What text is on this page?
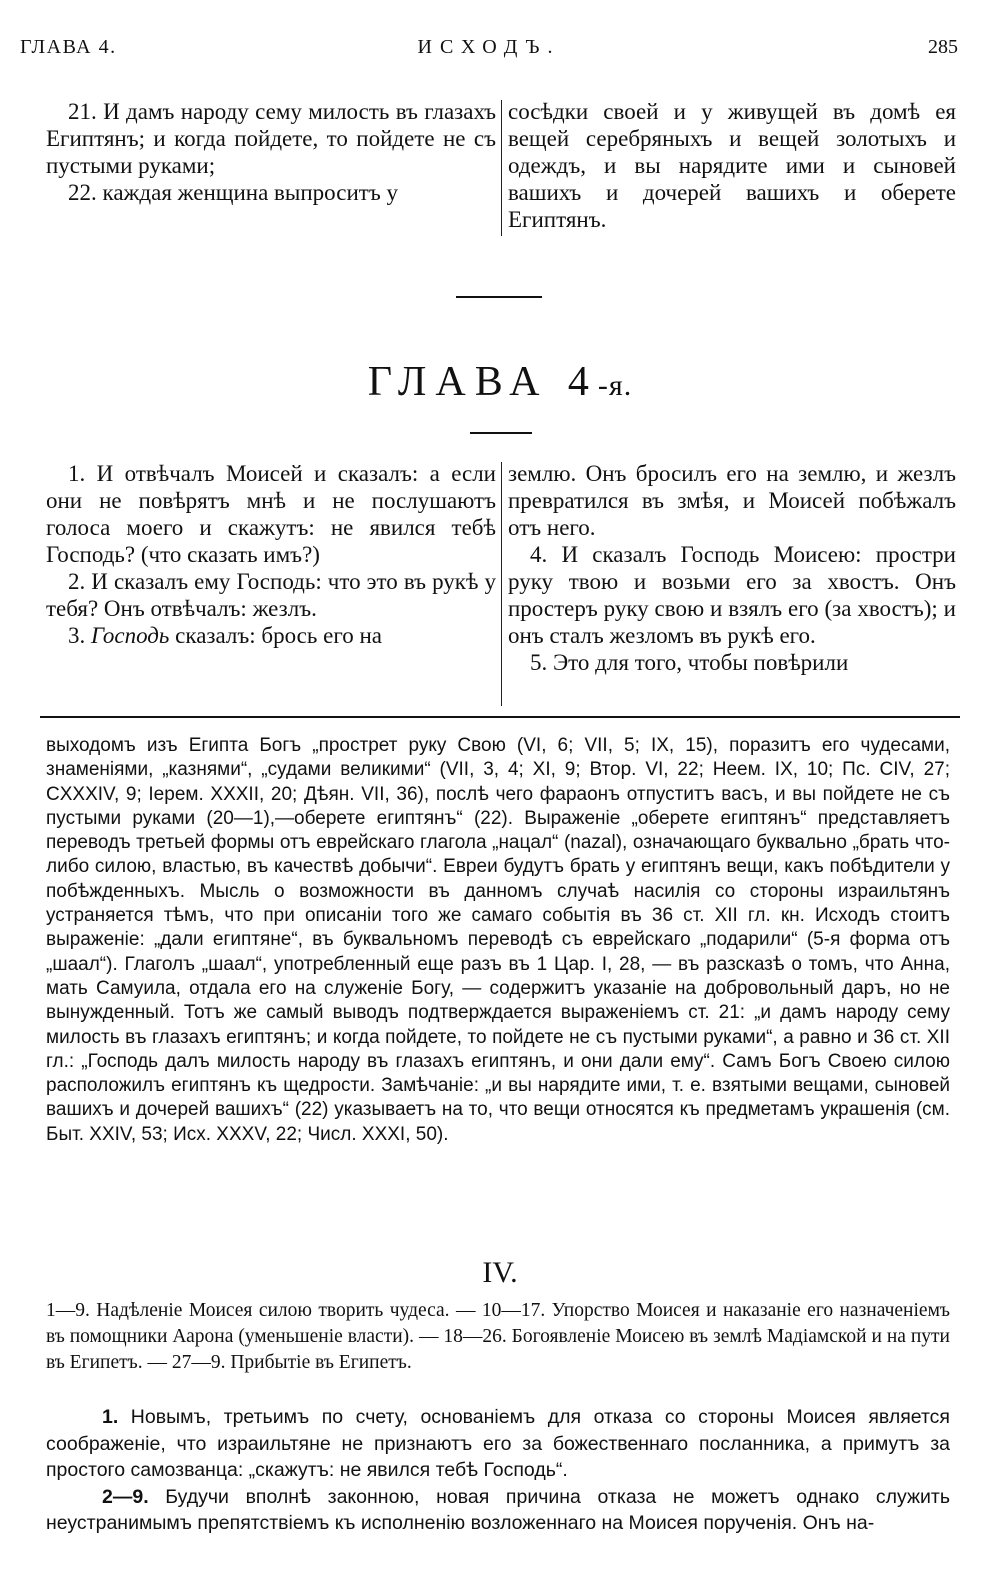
ГЛАВА 4.	ИСХОДЪ.	285

21. И дамъ народу сему милость въ глазахъ Египтянъ; и когда пойдете, то пойдете не съ пустыми руками;

22. каждая женщина выпроситъ у

сосѣдки своей и у живущей въ домѣ ея вещей серебряныхъ и вещей золотыхъ и одеждъ, и вы нарядите ими и сыновей вашихъ и дочерей вашихъ и оберете Египтянъ.

ГЛАВА 4-я.

1. И отвѣчалъ Моисей и сказалъ: а если они не повѣрятъ мнѣ и не послушаютъ голоса моего и скажутъ: не явился тебѣ Господь? (что сказать имъ?)

2. И сказалъ ему Господь: что это въ рукѣ у тебя? Онъ отвѣчалъ: жезлъ.

3. Господь сказалъ: брось его на

землю. Онъ бросилъ его на землю, и жезлъ превратился въ змѣя, и Моисей побѣжалъ отъ него.

4. И сказалъ Господь Моисею: простри руку твою и возьми его за хвостъ. Онъ простеръ руку свою и взялъ его (за хвостъ); и онъ сталъ жезломъ въ рукѣ его.

5. Это для того, чтобы повѣрили

выходомъ изъ Египта Богъ „прострет руку Свою (VI, 6; VII, 5; IX, 15), поразитъ его чудесами, знаменіями, „казнями“, „судами великими“ (VII, 3, 4; XI, 9; Втор. VI, 22; Неем. IX, 10; Пс. CIV, 27; CXXXIV, 9; Iерем. XXXII, 20; Дѣян. VII, 36), послѣ чего фараонъ отпуститъ васъ, и вы пойдете не съ пустыми руками (20—1),—оберете египтянъ“ (22). Выраженіе „оберете египтянъ“ представляетъ переводъ третьей формы отъ еврейскаго глагола „нацал“ (nazal), означающаго буквально „брать что-либо силою, властью, въ качествѣ добычи“. Евреи будутъ брать у египтянъ вещи, какъ побѣдители у побѣжденныхъ. Мысль о возможности въ данномъ случаѣ насилія со стороны израильтянъ устраняется тѣмъ, что при описаніи того же самаго событія въ 36 ст. XII гл. кн. Исходъ стоитъ выраженіе: „дали египтяне“, въ буквальномъ переводѣ съ еврейскаго „подарили“ (5-я форма отъ „шаал“). Глаголъ „шаал“, употребленный еще разъ въ 1 Цар. I, 28, — въ разсказѣ о томъ, что Анна, мать Самуила, отдала его на служеніе Богу, — содержитъ указаніе на добровольный даръ, но не вынужденный. Тотъ же самый выводъ подтверждается выраженіемъ ст. 21: „и дамъ народу сему милость въ глазахъ египтянъ; и когда пойдете, то пойдете не съ пустыми руками“, а равно и 36 ст. XII гл.: „Господь далъ милость народу въ глазахъ египтянъ, и они дали ему“. Самъ Богъ Своею силою расположилъ египтянъ къ щедрости. Замѣчаніе: „и вы нарядите ими, т. е. взятыми вещами, сыновей вашихъ и дочерей вашихъ“ (22) указываетъ на то, что вещи относятся къ предметамъ украшенія (см. Быт. XXIV, 53; Исх. XXXV, 22; Числ. XXXI, 50).

IV.

1—9. Надѣленіе Моисея силою творить чудеса. — 10—17. Упорство Моисея и наказаніе его назначеніемъ въ помощники Аарона (уменьшеніе власти). — 18—26. Богоявленіе Моисею въ землѣ Мадіамской и на пути въ Египетъ. — 27—9. Прибытіе въ Египетъ.

1. Новымъ, третьимъ по счету, основаніемъ для отказа со стороны Моисея является соображеніе, что израильтяне не признаютъ его за божественнаго посланника, а примутъ за простого самозванца: „скажутъ: не явился тебѣ Господь“.

2—9. Будучи вполнѣ законною, новая причина отказа не можетъ однако служить неустранимымъ препятствіемъ къ исполненію возложеннаго на Моисея порученія. Онъ на-
